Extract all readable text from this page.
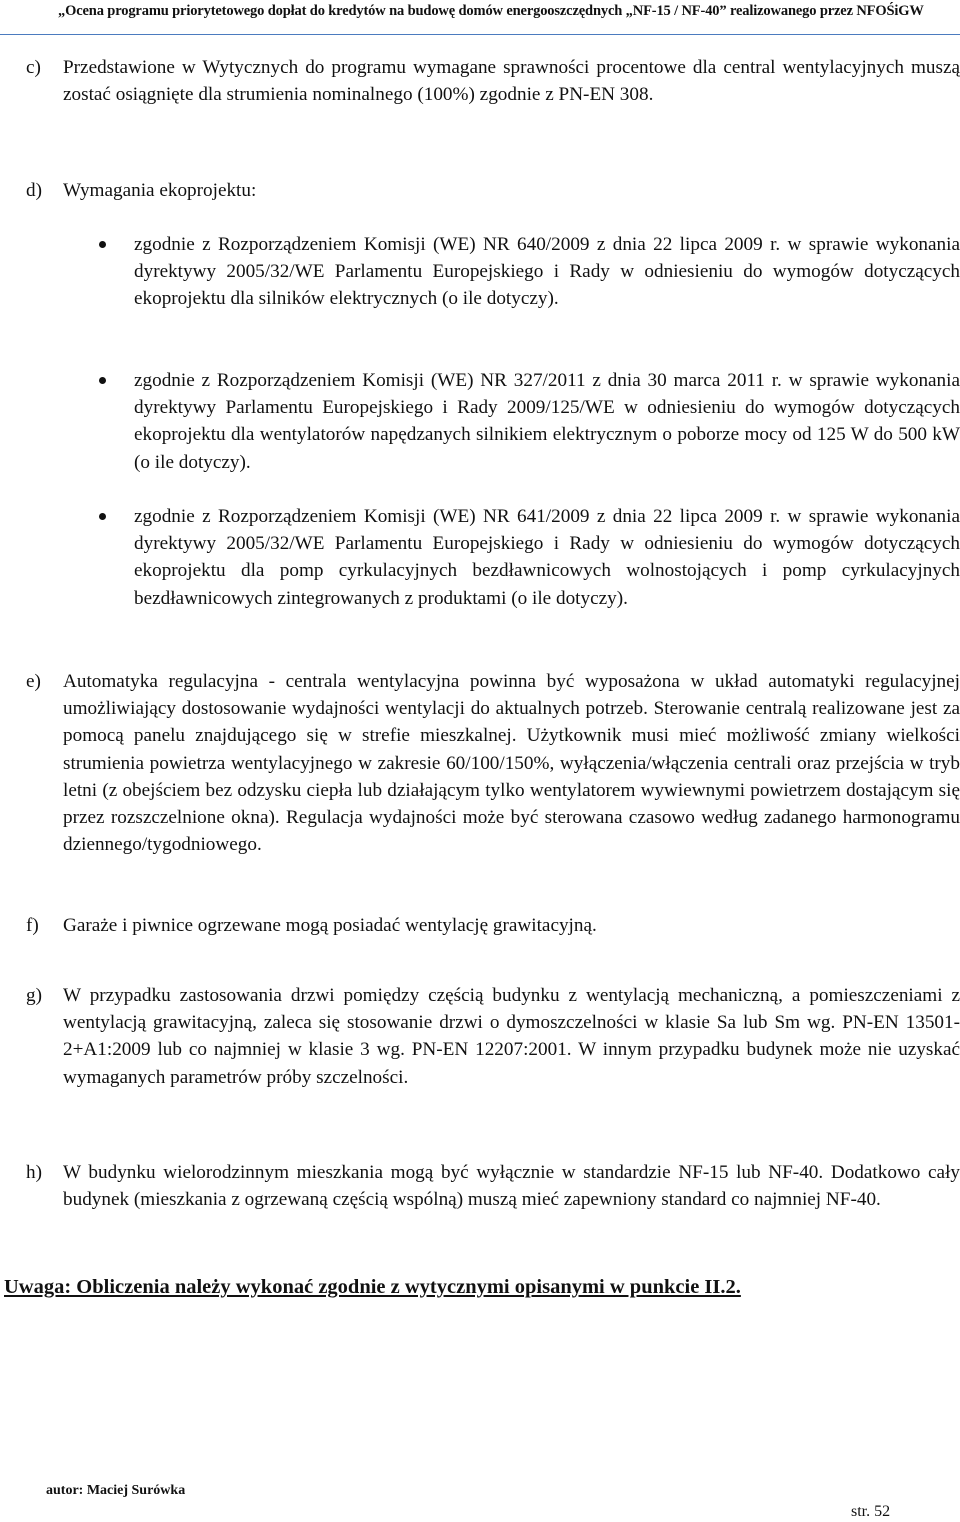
„Ocena programu priorytetowego dopłat do kredytów na budowę domów energooszczędnych „NF-15 / NF-40” realizowanego przez NFOŚiGW
c) Przedstawione w Wytycznych do programu wymagane sprawności procentowe dla central wentylacyjnych muszą zostać osiągnięte dla strumienia nominalnego (100%) zgodnie z PN-EN 308.
d) Wymagania ekoprojektu:
zgodnie z Rozporządzeniem Komisji (WE) NR 640/2009 z dnia 22 lipca 2009 r. w sprawie wykonania dyrektywy 2005/32/WE Parlamentu Europejskiego i Rady w odniesieniu do wymogów dotyczących ekoprojektu dla silników elektrycznych (o ile dotyczy).
zgodnie z Rozporządzeniem Komisji (WE) NR 327/2011 z dnia 30 marca 2011 r. w sprawie wykonania dyrektywy Parlamentu Europejskiego i Rady 2009/125/WE w odniesieniu do wymogów dotyczących ekoprojektu dla wentylatorów napędzanych silnikiem elektrycznym o poborze mocy od 125 W do 500 kW (o ile dotyczy).
zgodnie z Rozporządzeniem Komisji (WE) NR 641/2009 z dnia 22 lipca 2009 r. w sprawie wykonania dyrektywy 2005/32/WE Parlamentu Europejskiego i Rady w odniesieniu do wymogów dotyczących ekoprojektu dla pomp cyrkulacyjnych bezdławnicowych wolnostojących i pomp cyrkulacyjnych bezdławnicowych zintegrowanych z produktami (o ile dotyczy).
e) Automatyka regulacyjna - centrala wentylacyjna powinna być wyposażona w układ automatyki regulacyjnej umożliwiający dostosowanie wydajności wentylacji do aktualnych potrzeb. Sterowanie centralą realizowane jest za pomocą panelu znajdującego się w strefie mieszkalnej. Użytkownik musi mieć możliwość zmiany wielkości strumienia powietrza wentylacyjnego w zakresie 60/100/150%, wyłączenia/włączenia centrali oraz przejścia w tryb letni (z obejściem bez odzysku ciepła lub działającym tylko wentylatorem wywiewnymi powietrzem dostającym się przez rozszczelnione okna). Regulacja wydajności może być sterowana czasowo według zadanego harmonogramu dziennego/tygodniowego.
f) Garaże i piwnice ogrzewane mogą posiadać wentylację grawitacyjną.
g) W przypadku zastosowania drzwi pomiędzy częścią budynku z wentylacją mechaniczną, a pomieszczeniami z wentylacją grawitacyjną, zaleca się stosowanie drzwi o dymoszczelności w klasie Sa lub Sm wg. PN-EN 13501-2+A1:2009 lub co najmniej w klasie 3 wg. PN-EN 12207:2001. W innym przypadku budynek może nie uzyskać wymaganych parametrów próby szczelności.
h) W budynku wielorodzinnym mieszkania mogą być wyłącznie w standardzie NF-15 lub NF-40. Dodatkowo cały budynek (mieszkania z ogrzewaną częścią wspólną) muszą mieć zapewniony standard co najmniej NF-40.
Uwaga: Obliczenia należy wykonać zgodnie z wytycznymi opisanymi w punkcie II.2.
autor: Maciej Surówka
str. 52
